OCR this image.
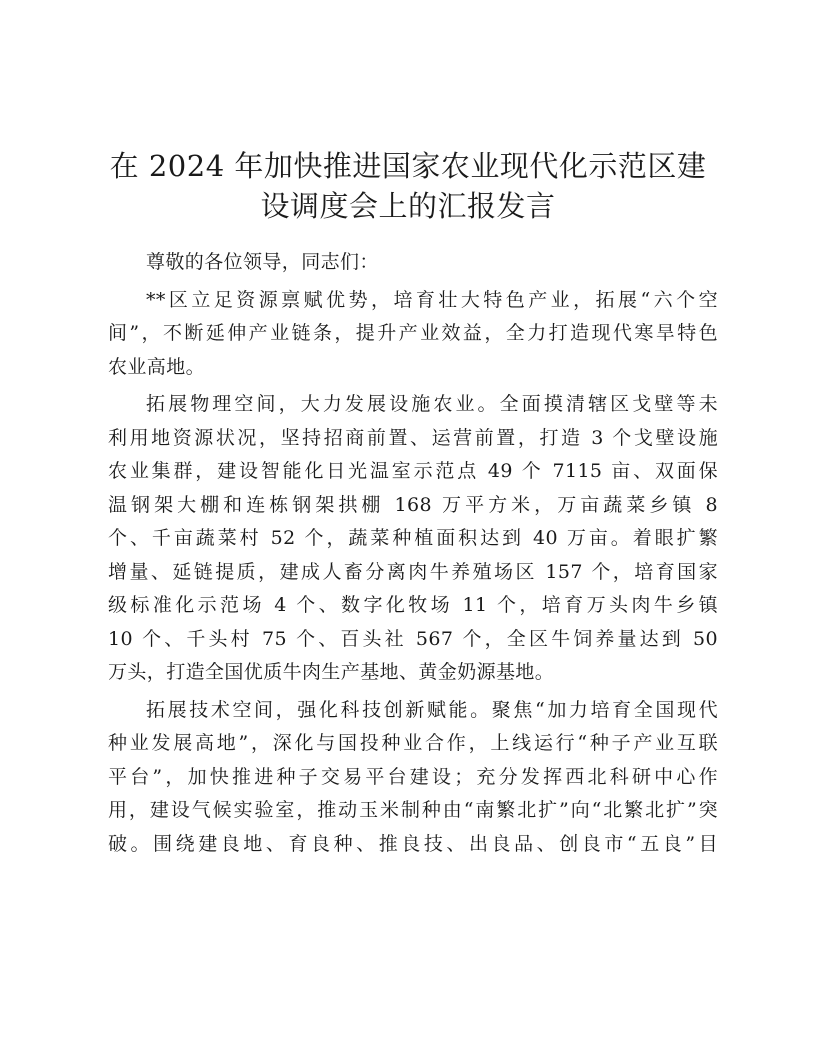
在 2024 年加快推进国家农业现代化示范区建
设调度会上的汇报发言
尊敬的各位领导，同志们：
**区立足资源禀赋优势，培育壮大特色产业，拓展“六个空
间”，不断延伸产业链条，提升产业效益，全力打造现代寒旱特色
农业高地。
拓展物理空间，大力发展设施农业。全面摸清辖区戈壁等未
利用地资源状况，坚持招商前置、运营前置，打造 3 个戈壁设施
农业集群，建设智能化日光温室示范点 49 个 7115 亩、双面保
温钢架大棚和连栋钢架拱棚 168 万平方米，万亩蔬菜乡镇 8
个、千亩蔬菜村 52 个，蔬菜种植面积达到 40 万亩。着眼扩繁
增量、延链提质，建成人畜分离肉牛养殖场区 157 个，培育国家
级标准化示范场 4 个、数字化牧场 11 个，培育万头肉牛乡镇
10 个、千头村 75 个、百头社 567 个，全区牛饲养量达到 50
万头，打造全国优质牛肉生产基地、黄金奶源基地。
拓展技术空间，强化科技创新赋能。聚焦“加力培育全国现代
种业发展高地”，深化与国投种业合作，上线运行“种子产业互联
平台”，加快推进种子交易平台建设；充分发挥西北科研中心作
用，建设气候实验室，推动玉米制种由“南繁北扩”向“北繁北扩”突
破。围绕建良地、育良种、推良技、出良品、创良市“五良”目
